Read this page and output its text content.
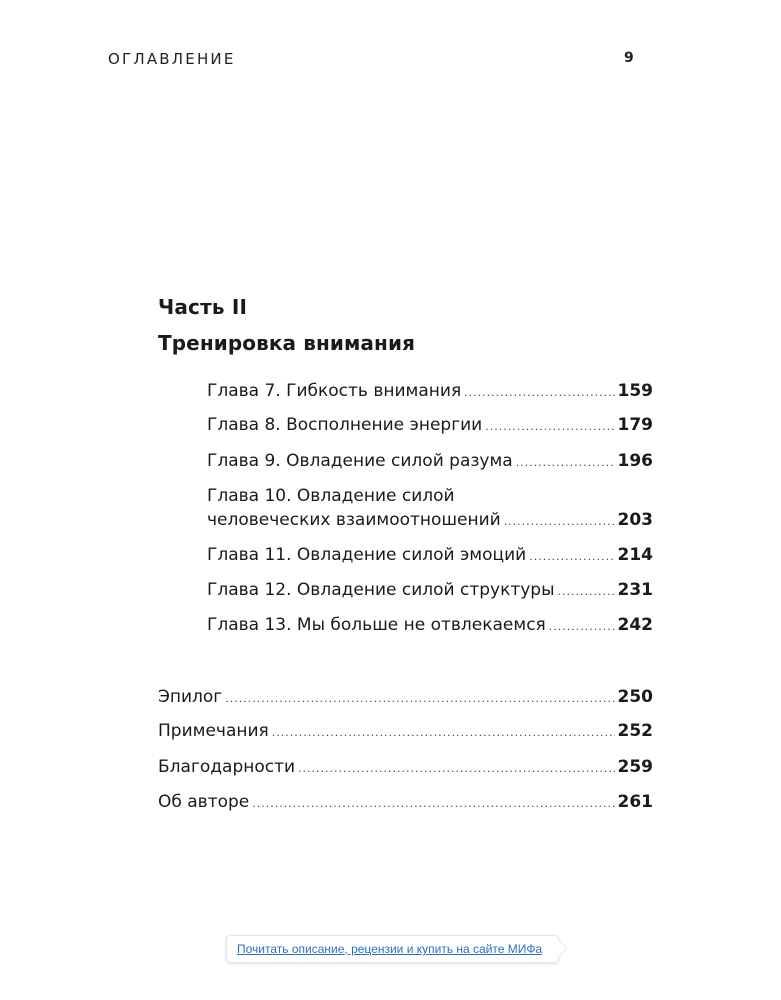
ОГЛАВЛЕНИЕ	9
Часть II
Тренировка внимания
Глава 7. Гибкость внимания .....	159
Глава 8. Восполнение энергии .....	179
Глава 9. Овладение силой разума .....	196
Глава 10. Овладение силой
человеческих взаимоотношений .....	203
Глава 11. Овладение силой эмоций .....	214
Глава 12. Овладение силой структуры .....	231
Глава 13. Мы больше не отвлекаемся .....	242
Эпилог .....	250
Примечания .....	252
Благодарности .....	259
Об авторе .....	261
Почитать описание, рецензии и купить на сайте МИФа
